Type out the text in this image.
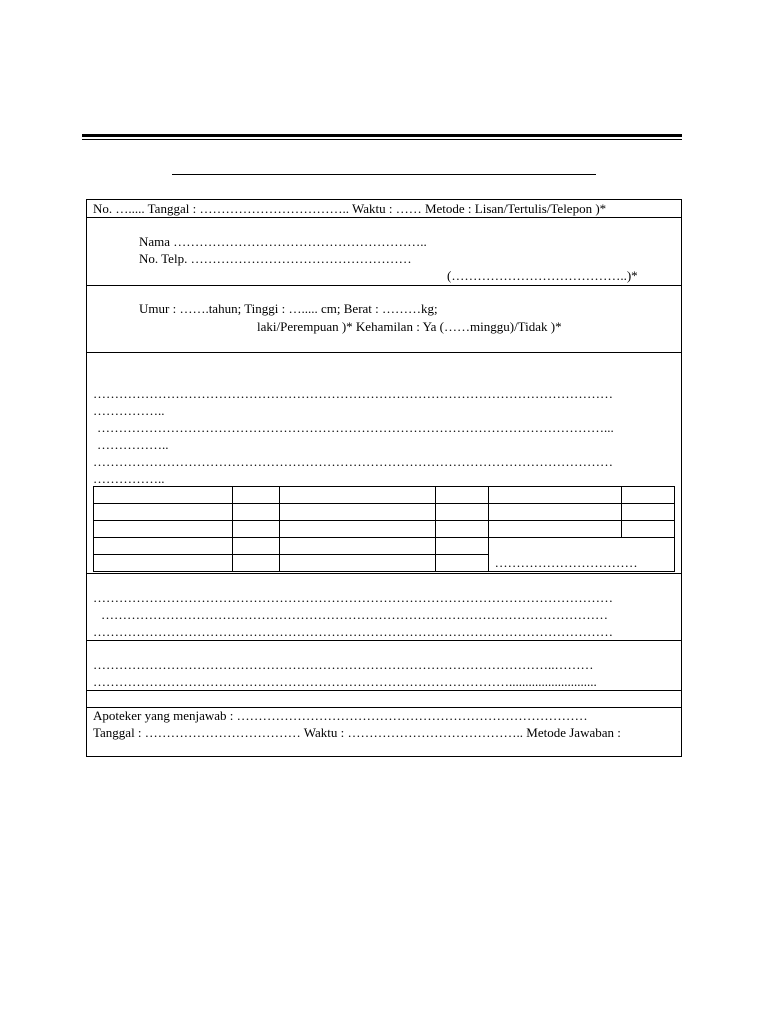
No. …..... Tanggal : …………………………….. Waktu : …… Metode : Lisan/Tertulis/Telepon )*
Nama …………………………………………………..
No. Telp. ……………………………………………
(…………………………………..)*
Umur : …….tahun; Tinggi : …..... cm; Berat : ………kg;
laki/Perempuan )* Kehamilan : Ya (……minggu)/Tidak )*
…………………………………………………………………………………………………………
……………..
………………………………………………………………………………………………………...
……………..
…………………………………………………………………………………………………………
……………..

				……………………………	

…………………………………………………………………………………………………………
………………………………………………………………………………………………………
…………………………………………………………………………………………………………
……………………………………………………………………………………………..………
……………………………………………………………………………………...........................
Apoteker yang menjawab : ………………………………………………………………………
Tanggal : ……………………………… Waktu : ………………………………….. Metode Jawaban :
